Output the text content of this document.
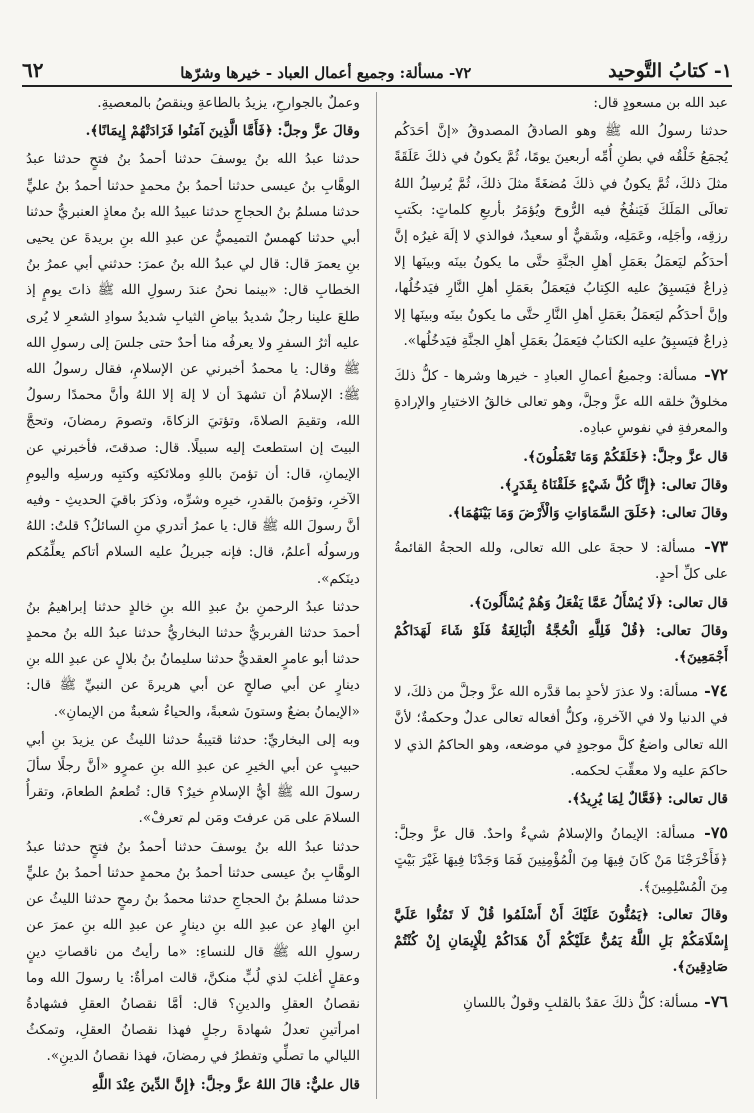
١- كتابُ التَّوحيد
٧٢- مسألة: وجميع أعمال العباد - خيرها وشرّها
٦٢

عبد الله بن مسعودٍ قال:

حدثنا رسولُ الله ﷺ وهو الصادقُ المصدوقُ «إنَّ أحَدَكُم يُجمَعُ خَلْقُه في بطنِ أُمِّه أربعينَ يومًا، ثُمَّ يكونُ في ذلكَ عَلَقَةً مثلَ ذلكَ، ثُمَّ يكونُ في ذلكَ مُضغَةً مثلَ ذلكَ، ثُمَّ يُرسِلُ اللهُ تعالَى المَلَكَ فَيَنفُخُ فيه الرُّوحَ ويُؤمَرُ بأربعِ كلماتٍ: بكَتبِ رزقِه، وأجَلِه، وعَمَلِه، وشَقيٌّ أو سعيدٌ، فوالذي لا إلَهَ غيرُه إنَّ أحدَكُم ليَعمَلُ بعَمَلِ أهلِ الجنَّةِ حتَّى ما يكونُ بينَه وبينَها إلا ذِراعٌ فيَسبِقُ عليه الكِتابُ فيَعمَلُ بعَمَلِ أهلِ النَّارِ فيَدخُلُها، وإنَّ أحدَكُم ليَعمَلُ بعَمَلِ أهلِ النَّارِ حتَّى ما يكونُ بينَه وبينَها إلا ذِراعٌ فيَسبِقُ عليه الكتابُ فيَعمَلُ بعَمَلِ أهلِ الجنَّةِ فيَدخُلُها».

٧٢- مسألة: وجميعُ أعمالِ العبادِ - خيرها وشرها - كلُّ ذلكَ مخلوقٌ خلقه الله عزَّ وجلَّ، وهو تعالى خالقُ الاختيارِ والإرادةِ والمعرفةِ في نفوسِ عبادِه.

قال عزَّ وجلَّ: ﴿خَلَقَكُمْ وَمَا تَعْمَلُونَ﴾.

وقالَ تعالى: ﴿إِنَّا كُلَّ شَيْءٍ خَلَقْنَاهُ بِقَدَرٍ﴾.

وقالَ تعالى: ﴿خَلَقَ السَّمَاوَاتِ وَالْأَرْضَ وَمَا بَيْنَهُمَا﴾.

٧٣- مسألة: لا حجةَ على الله تعالى، ولله الحجةُ القائمةُ على كلِّ أحدٍ.

قال تعالى: ﴿لَا يُسْأَلُ عَمَّا يَفْعَلُ وَهُمْ يُسْأَلُونَ﴾.

وقالَ تعالى: ﴿قُلْ فَلِلَّهِ الْحُجَّةُ الْبَالِغَةُ فَلَوْ شَاءَ لَهَدَاكُمْ أَجْمَعِينَ﴾.

٧٤- مسألة: ولا عذرَ لأحدٍ بما قدَّره الله عزَّ وجلَّ من ذلكَ، لا في الدنيا ولا في الآخرةِ، وكلُّ أفعاله تعالى عدلٌ وحكمةٌ؛ لأنَّ الله تعالى واضعٌ كلَّ موجودٍ في موضعه، وهو الحاكمُ الذي لا حاكمَ عليه ولا معقِّبَ لحكمه.

قال تعالى: ﴿فَعَّالٌ لِمَا يُرِيدُ﴾.

٧٥- مسألة: الإيمانُ والإسلامُ شيءٌ واحدٌ. قال عزَّ وجلَّ: ﴿فَأَخْرَجْنَا مَنْ كَانَ فِيهَا مِنَ الْمُؤْمِنِينَ فَمَا وَجَدْنَا فِيهَا غَيْرَ بَيْتٍ مِنَ الْمُسْلِمِينَ﴾.

وقالَ تعالى: ﴿يَمُنُّونَ عَلَيْكَ أَنْ أَسْلَمُوا قُلْ لَا تَمُنُّوا عَلَيَّ إِسْلَامَكُمْ بَلِ اللَّهُ يَمُنُّ عَلَيْكُمْ أَنْ هَدَاكُمْ لِلْإِيمَانِ إِنْ كُنْتُمْ صَادِقِينَ﴾.

٧٦- مسألة: كلُّ ذلكَ عقدٌ بالقلبِ وقولٌ باللسانِ

وعملٌ بالجوارحِ، يزيدُ بالطاعةِ وينقصُ بالمعصيةِ.

وقالَ عزَّ وجلَّ: ﴿فَأَمَّا الَّذِينَ آمَنُوا فَزَادَتْهُمْ إِيمَانًا﴾.

حدثنا عبدُ الله بنُ يوسفَ حدثنا أحمدُ بنُ فتحٍ حدثنا عبدُ الوهَّابِ بنُ عيسى حدثنا أحمدُ بنُ محمدٍ حدثنا أحمدُ بنُ عليٍّ حدثنا مسلمُ بنُ الحجاجِ حدثنا عبيدُ الله بنُ معاذٍ العنبريُّ حدثنا أبي حدثنا كهمسٌ التميميُّ عن عبدِ الله بنِ بريدةَ عن يحيى بنِ يعمرَ قال: قال لي عبدُ الله بنُ عمرَ: حدثني أبي عمرُ بنُ الخطابِ قال: «بينما نحنُ عندَ رسولِ الله ﷺ ذاتَ يومٍ إذ طلعَ علينا رجلٌ شديدُ بياضِ الثيابِ شديدُ سوادِ الشعرِ لا يُرى عليه أثرُ السفرِ ولا يعرفُه منا أحدٌ حتى جلسَ إلى رسولِ الله ﷺ وقال: يا محمدُ أخبرني عن الإسلامِ، فقال رسولُ الله ﷺ: الإسلامُ أن تشهدَ أن لا إلهَ إلا اللهُ وأنَّ محمدًا رسولُ الله، وتقيمَ الصلاةَ، وتؤتيَ الزكاةَ، وتصومَ رمضانَ، وتحجَّ البيتَ إن استطعتَ إليه سبيلًا. قال: صدقتَ، فأخبرني عن الإيمانِ، قال: أن تؤمنَ باللهِ وملائكتِه وكتبِه ورسلِه واليومِ الآخرِ، وتؤمنَ بالقدرِ، خيرِه وشرِّه، وذكرَ باقيَ الحديثِ - وفيه أنَّ رسولَ الله ﷺ قال: يا عمرُ أتدري منِ السائلُ؟ قلتُ: اللهُ ورسولُه أعلمُ، قال: فإنه جبريلُ عليه السلام أتاكم يعلِّمُكم دينَكم».

حدثنا عبدُ الرحمنِ بنُ عبدِ الله بنِ خالدٍ حدثنا إبراهيمُ بنُ أحمدَ حدثنا الفربريُّ حدثنا البخاريُّ حدثنا عبدُ الله بنُ محمدٍ حدثنا أبو عامرٍ العقديُّ حدثنا سليمانُ بنُ بلالٍ عن عبدِ الله بنِ دينارٍ عن أبي صالحٍ عن أبي هريرةَ عن النبيِّ ﷺ قال: «الإيمانُ بضعٌ وستونَ شعبةً، والحياءُ شعبةٌ من الإيمانِ».

وبه إلى البخاريِّ: حدثنا قتيبةُ حدثنا الليثُ عن يزيدَ بنِ أبي حبيبٍ عن أبي الخيرِ عن عبدِ الله بنِ عمرٍو «أنَّ رجلًا سألَ رسولَ الله ﷺ أيُّ الإسلامِ خيرٌ؟ قال: تُطعمُ الطعامَ، وتقرأُ السلامَ على مَن عرفتَ ومَن لم تعرفْ».

حدثنا عبدُ الله بنُ يوسفَ حدثنا أحمدُ بنُ فتحٍ حدثنا عبدُ الوهَّابِ بنُ عيسى حدثنا أحمدُ بنُ محمدٍ حدثنا أحمدُ بنُ عليٍّ حدثنا مسلمُ بنُ الحجاجِ حدثنا محمدُ بنُ رمحٍ حدثنا الليثُ عن ابنِ الهادِ عن عبدِ الله بنِ دينارٍ عن عبدِ الله بنِ عمرَ عن رسولِ الله ﷺ قال للنساءِ: «ما رأيتُ من ناقصاتِ دينٍ وعقلٍ أغلبَ لذي لُبٍّ منكنَّ، قالت امرأةٌ: يا رسولَ الله وما نقصانُ العقلِ والدينِ؟ قال: أمَّا نقصانُ العقلِ فشهادةُ امرأتينِ تعدلُ شهادةَ رجلٍ فهذا نقصانُ العقلِ، وتمكثُ الليالي ما تصلِّي وتفطرُ في رمضانَ، فهذا نقصانُ الدينِ».

قال عليٌّ: قالَ اللهُ عزَّ وجلَّ: ﴿إِنَّ الدِّينَ عِنْدَ اللَّهِ
